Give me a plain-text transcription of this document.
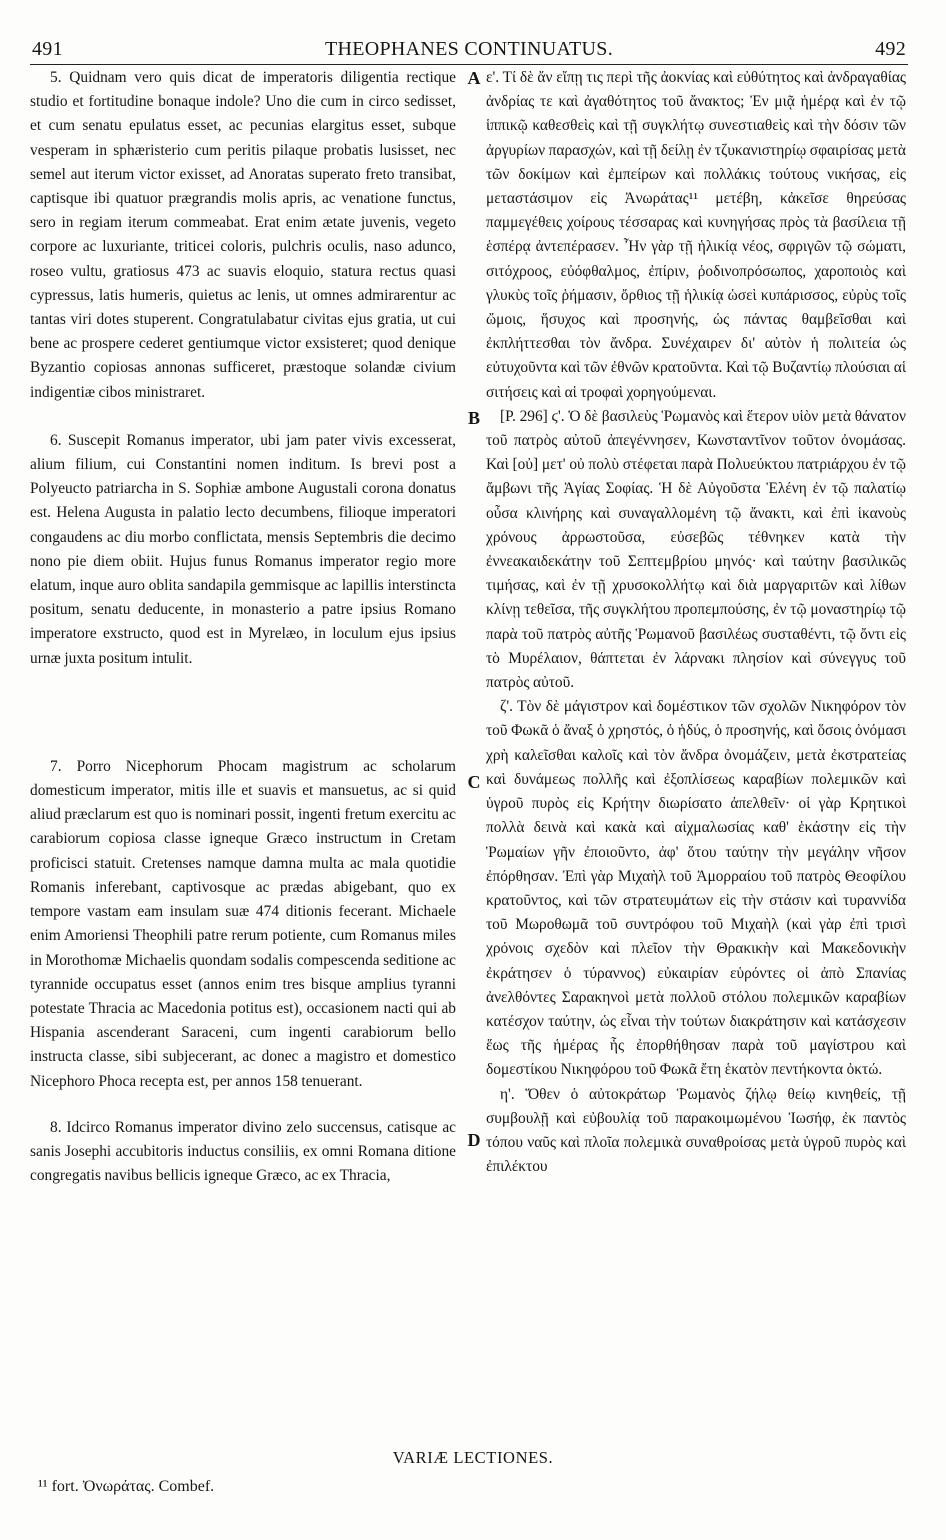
491	THEOPHANES CONTINUATUS.	492

5. Quidnam vero quis dicat de imperatoris diligentia rectique studio et fortitudine bonaque indole? Uno die cum in circo sedisset, et cum senatu epulatus esset, ac pecunias elargitus esset, subque vesperam in sphæristerio cum peritis pilaque probatis lusisset, nec semel aut iterum victor exisset, ad Anoratas superato freto transibat, captisque ibi quatuor prægrandis molis apris, ac venatione functus, sero in regiam iterum commeabat. Erat enim ætate juvenis, vegeto corpore ac luxuriante, triticei coloris, pulchris oculis, naso adunco, roseo vultu, gratiosus 473 ac suavis eloquio, statura rectus quasi cypressus, latis humeris, quietus ac lenis, ut omnes admirarentur ac tantas viri dotes stuperent. Congratulabatur civitas ejus gratia, ut cui bene ac prospere cederet gentiumque victor exsisteret; quod denique Byzantio copiosas annonas sufficeret, præstoque solandæ civium indigentiæ cibos ministraret.

6. Suscepit Romanus imperator, ubi jam pater vivis excesserat, alium filium, cui Constantini nomen inditum. Is brevi post a Polyeucto patriarcha in S. Sophiæ ambone Augustali corona donatus est. Helena Augusta in palatio lecto decumbens, filioque imperatori congaudens ac diu morbo conflictata, mensis Septembris die decimo nono pie diem obiit. Hujus funus Romanus imperator regio more elatum, inque auro oblita sandapila gemmisque ac lapillis interstincta positum, senatu deducente, in monasterio a patre ipsius Romano imperatore exstructo, quod est in Myrelæo, in loculum ejus ipsius urnæ juxta positum intulit.

7. Porro Nicephorum Phocam magistrum ac scholarum domesticum imperator, mitis ille et suavis et mansuetus, ac si quid aliud præclarum est quo is nominari possit, ingenti fretum exercitu ac carabiorum copiosa classe igneque Græco instructum in Cretam proficisci statuit. Cretenses namque damna multa ac mala quotidie Romanis inferebant, captivosque ac prædas abigebant, quo ex tempore vastam eam insulam suæ 474 ditionis fecerant. Michaele enim Amoriensi Theophili patre rerum potiente, cum Romanus miles in Morothomæ Michaelis quondam sodalis compescenda seditione ac tyrannide occupatus esset (annos enim tres bisque amplius tyranni potestate Thracia ac Macedonia potitus est), occasionem nacti qui ab Hispania ascenderant Saraceni, cum ingenti carabiorum bello instructa classe, sibi subjecerant, ac donec a magistro et domestico Nicephoro Phoca recepta est, per annos 158 tenuerant.

8. Idcirco Romanus imperator divino zelo succensus, catisque ac sanis Josephi accubitoris inductus consiliis, ex omni Romana ditione congregatis navibus bellicis igneque Græco, ac ex Thracia,

A
B
C
D

ε'. Τί δὲ ἄν εἴπῃ τις περὶ τῆς ἀοκνίας καὶ εὐθύτητος καὶ ἀνδραγαθίας ἀνδρίας τε καὶ ἀγαθότητος τοῦ ἄνακτος; Ἐν μιᾷ ἡμέρᾳ καὶ ἐν τῷ ἱππικῷ καθεσθεὶς καὶ τῇ συγκλήτῳ συνεστιαθεὶς καὶ τὴν δόσιν τῶν ἀργυρίων παρασχών, καὶ τῇ δείλῃ ἐν τζυκανιστηρίῳ σφαιρίσας μετὰ τῶν δοκίμων καὶ ἐμπείρων καὶ πολλάκις τούτους νικήσας, εἰς μεταστάσιμον εἰς Ἀνωράτας¹¹ μετέβη, κἀκεῖσε θηρεύσας παμμεγέθεις χοίρους τέσσαρας καὶ κυνηγήσας πρὸς τὰ βασίλεια τῇ ἑσπέρᾳ ἀντεπέρασεν. Ἦν γὰρ τῇ ἡλικίᾳ νέος, σφριγῶν τῷ σώματι, σιτόχροος, εὐόφθαλμος, ἐπίριν, ῥοδινοπρόσωπος, χαροποιὸς καὶ γλυκὺς τοῖς ῥήμασιν, ὄρθιος τῇ ἡλικίᾳ ὡσεὶ κυπάρισσος, εὐρὺς τοῖς ὤμοις, ἥσυχος καὶ προσηνής, ὡς πάντας θαμβεῖσθαι καὶ ἐκπλήττεσθαι τὸν ἄνδρα. Συνέχαιρεν δι' αὐτὸν ἡ πολιτεία ὡς εὐτυχοῦντα καὶ τῶν ἐθνῶν κρατοῦντα. Καὶ τῷ Βυζαντίῳ πλούσιαι αἱ σιτήσεις καὶ αἱ τροφαὶ χορηγούμεναι.

[P. 296] ϛ'. Ὁ δὲ βασιλεὺς Ῥωμανὸς καὶ ἕτερον υἱὸν μετὰ θάνατον τοῦ πατρὸς αὐτοῦ ἀπεγέννησεν, Κωνσταντῖνον τοῦτον ὀνομάσας. Καὶ [οὐ] μετ' οὐ πολὺ στέφεται παρὰ Πολυεύκτου πατριάρχου ἐν τῷ ἄμβωνι τῆς Ἁγίας Σοφίας. Ἡ δὲ Αὐγοῦστα Ἑλένη ἐν τῷ παλατίῳ οὖσα κλινήρης καὶ συναγαλλομένη τῷ ἄνακτι, καὶ ἐπὶ ἱκανοὺς χρόνους ἀρρωστοῦσα, εὐσεβῶς τέθνηκεν κατὰ τὴν ἐννεακαιδεκάτην τοῦ Σεπτεμβρίου μηνός· καὶ ταύτην βασιλικῶς τιμήσας, καὶ ἐν τῇ χρυσοκολλήτῳ καὶ διὰ μαργαριτῶν καὶ λίθων κλίνῃ τεθεῖσα, τῆς συγκλήτου προπεμπούσης, ἐν τῷ μοναστηρίῳ τῷ παρὰ τοῦ πατρὸς αὐτῆς Ῥωμανοῦ βασιλέως συσταθέντι, τῷ ὄντι εἰς τὸ Μυρέλαιον, θάπτεται ἐν λάρνακι πλησίον καὶ σύνεγγυς τοῦ πατρὸς αὐτοῦ.

ζ'. Τὸν δὲ μάγιστρον καὶ δομέστικον τῶν σχολῶν Νικηφόρον τὸν τοῦ Φωκᾶ ὁ ἄναξ ὁ χρηστός, ὁ ἡδύς, ὁ προσηνής, καὶ ὅσοις ὀνόμασι χρὴ καλεῖσθαι καλοῖς καὶ τὸν ἄνδρα ὀνομάζειν, μετὰ ἐκστρατείας καὶ δυνάμεως πολλῆς καὶ ἐξοπλίσεως καραβίων πολεμικῶν καὶ ὑγροῦ πυρὸς εἰς Κρήτην διωρίσατο ἀπελθεῖν· οἱ γὰρ Κρητικοὶ πολλὰ δεινὰ καὶ κακὰ καὶ αἰχμαλωσίας καθ' ἑκάστην εἰς τὴν Ῥωμαίων γῆν ἐποιοῦντο, ἀφ' ὅτου ταύτην τὴν μεγάλην νῆσον ἐπόρθησαν. Ἐπὶ γὰρ Μιχαὴλ τοῦ Ἀμορραίου τοῦ πατρὸς Θεοφίλου κρατοῦντος, καὶ τῶν στρατευμάτων εἰς τὴν στάσιν καὶ τυραννίδα τοῦ Μωροθωμᾶ τοῦ συντρόφου τοῦ Μιχαὴλ (καὶ γὰρ ἐπὶ τρισὶ χρόνοις σχεδὸν καὶ πλεῖον τὴν Θρακικὴν καὶ Μακεδονικὴν ἐκράτησεν ὁ τύραννος) εὐκαιρίαν εὑρόντες οἱ ἀπὸ Σπανίας ἀνελθόντες Σαρακηνοὶ μετὰ πολλοῦ στόλου πολεμικῶν καραβίων κατέσχον ταύτην, ὡς εἶναι τὴν τούτων διακράτησιν καὶ κατάσχεσιν ἕως τῆς ἡμέρας ἧς ἐπορθήθησαν παρὰ τοῦ μαγίστρου καὶ δομεστίκου Νικηφόρου τοῦ Φωκᾶ ἔτη ἑκατὸν πεντήκοντα ὀκτώ.

η'. Ὅθεν ὁ αὐτοκράτωρ Ῥωμανὸς ζήλῳ θείῳ κινηθείς, τῇ συμβουλῇ καὶ εὐβουλίᾳ τοῦ παρακοιμωμένου Ἰωσήφ, ἐκ παντὸς τόπου ναῦς καὶ πλοῖα πολεμικὰ συναθροίσας μετὰ ὑγροῦ πυρὸς καὶ ἐπιλέκτου

VARIÆ LECTIONES.
¹¹ fort. Ὀνωράτας. Combef.
